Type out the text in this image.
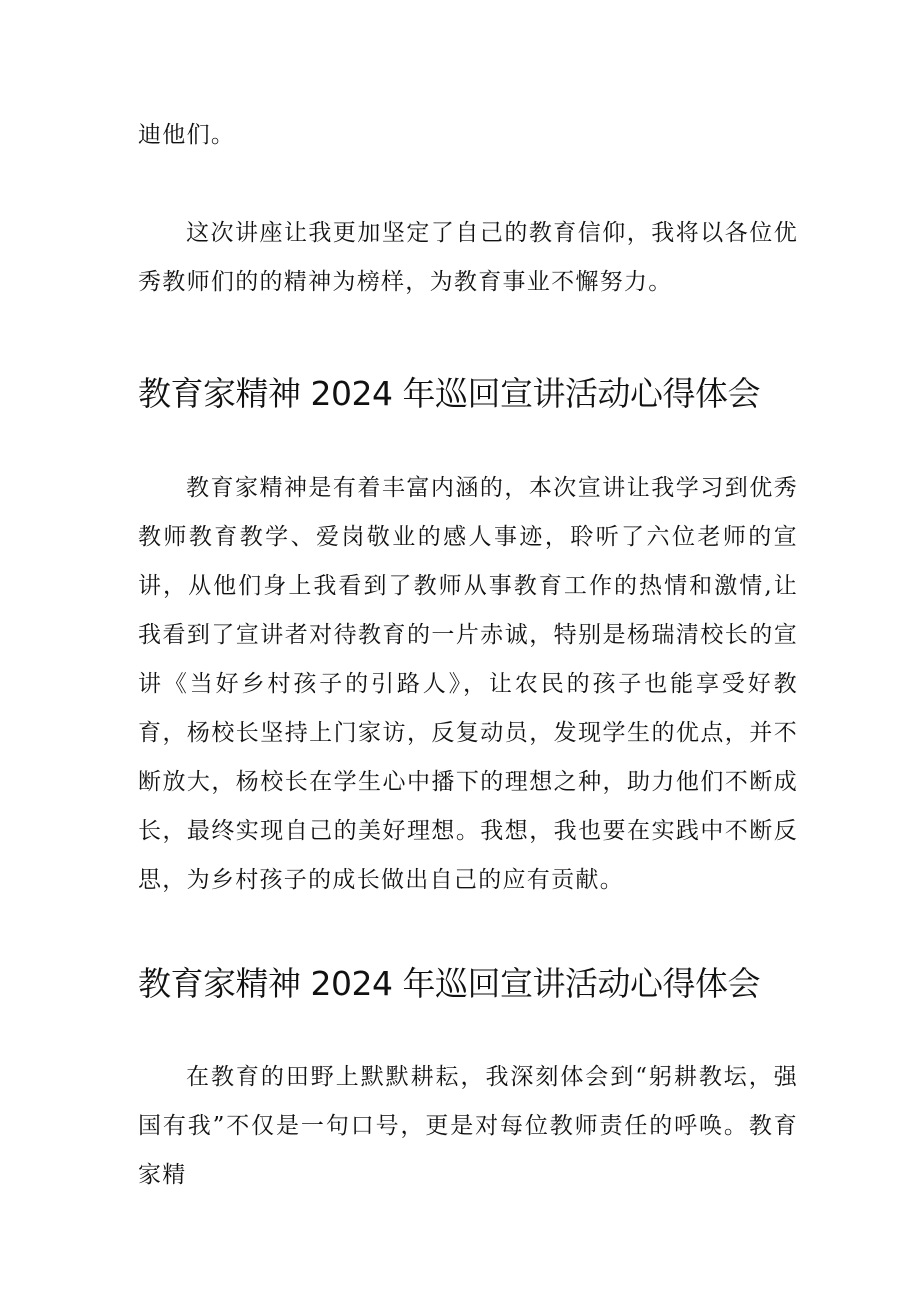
迪他们。

这次讲座让我更加坚定了自己的教育信仰，我将以各位优秀教师们的的精神为榜样，为教育事业不懈努力。

教育家精神 2024 年巡回宣讲活动心得体会

教育家精神是有着丰富内涵的，本次宣讲让我学习到优秀教师教育教学、爱岗敬业的感人事迹，聆听了六位老师的宣讲，从他们身上我看到了教师从事教育工作的热情和激情,让我看到了宣讲者对待教育的一片赤诚，特别是杨瑞清校长的宣讲《当好乡村孩子的引路人》，让农民的孩子也能享受好教育，杨校长坚持上门家访，反复动员，发现学生的优点，并不断放大，杨校长在学生心中播下的理想之种，助力他们不断成长，最终实现自己的美好理想。我想，我也要在实践中不断反思，为乡村孩子的成长做出自己的应有贡献。

教育家精神 2024 年巡回宣讲活动心得体会

在教育的田野上默默耕耘，我深刻体会到“躬耕教坛，强国有我”不仅是一句口号，更是对每位教师责任的呼唤。教育家精
